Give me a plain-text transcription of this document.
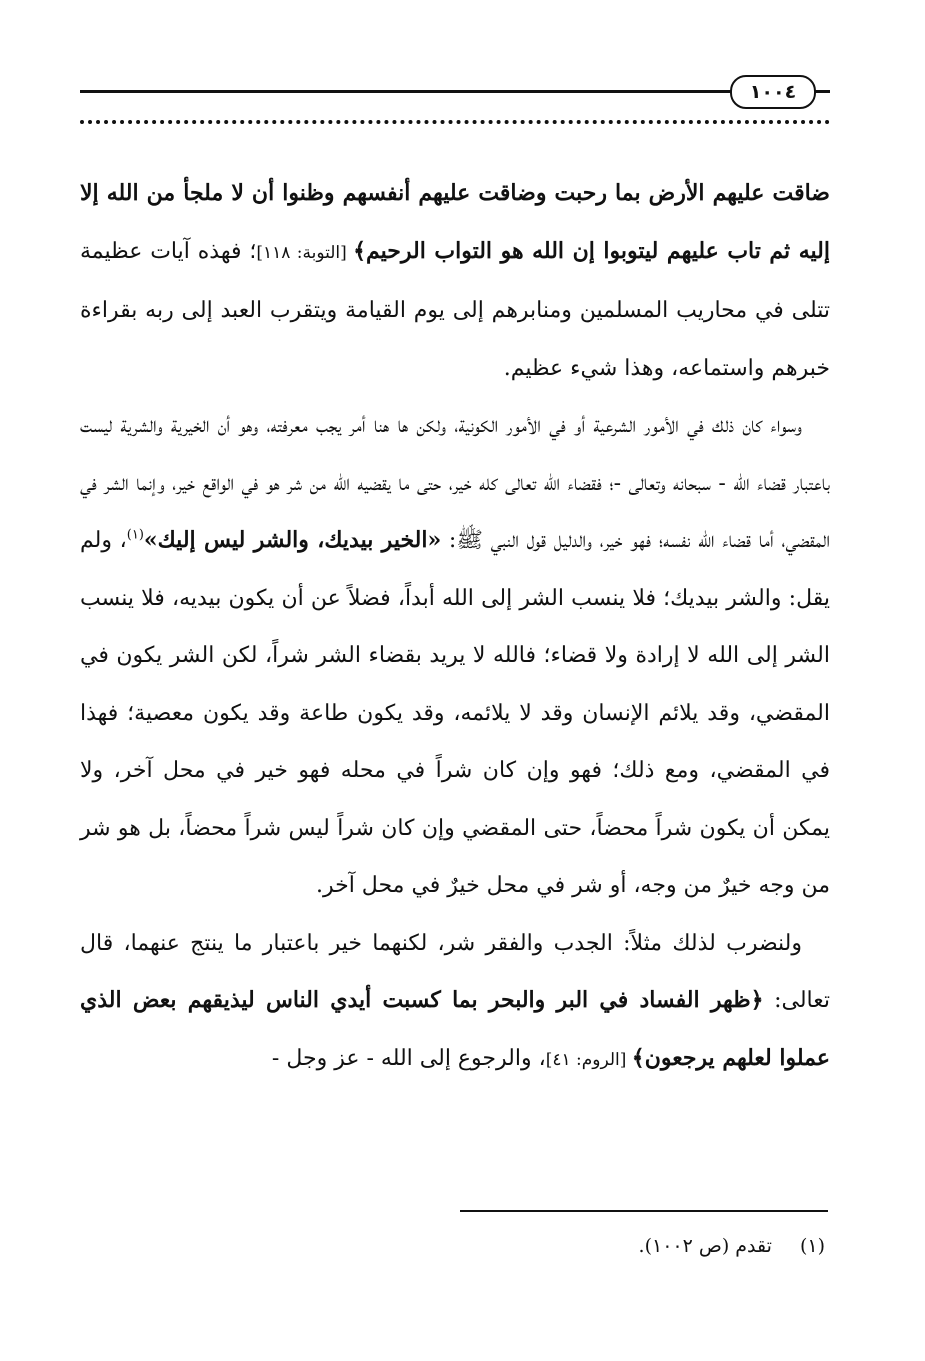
١٠٠٤

ضاقت عليهم الأرض بما رحبت وضاقت عليهم أنفسهم وظنوا أن لا ملجأ من الله إلا إليه ثم تاب عليهم ليتوبوا إن الله هو التواب الرحيم﴾ [التوبة: ١١٨]؛ فهذه آيات عظيمة تتلى في محاريب المسلمين ومنابرهم إلى يوم القيامة ويتقرب العبد إلى ربه بقراءة خبرهم واستماعه، وهذا شيء عظيم.

وسواء كان ذلك في الأمور الشرعية أو في الأمور الكونية، ولكن ها هنا أمر يجب معرفته، وهو أن الخيرية والشرية ليست باعتبار قضاء الله - سبحانه وتعالى -؛ فقضاء الله تعالى كله خير، حتى ما يقضيه الله من شر هو في الواقع خير، وإنما الشر في المقضي، أما قضاء الله نفسه؛ فهو خير، والدليل قول النبي ﷺ: «الخير بيديك، والشر ليس إليك»$^{(١)}$، ولم يقل: والشر بيديك؛ فلا ينسب الشر إلى الله أبداً، فضلاً عن أن يكون بيديه، فلا ينسب الشر إلى الله لا إرادة ولا قضاء؛ فالله لا يريد بقضاء الشر شراً، لكن الشر يكون في المقضي، وقد يلائم الإنسان وقد لا يلائمه، وقد يكون طاعة وقد يكون معصية؛ فهذا في المقضي، ومع ذلك؛ فهو وإن كان شراً في محله فهو خير في محل آخر، ولا يمكن أن يكون شراً محضاً، حتى المقضي وإن كان شراً ليس شراً محضاً، بل هو شر من وجه خيرٌ من وجه، أو شر في محل خيرٌ في محل آخر.

ولنضرب لذلك مثلاً: الجدب والفقر شر، لكنهما خير باعتبار ما ينتج عنهما، قال تعالى: ﴿ظهر الفساد في البر والبحر بما كسبت أيدي الناس ليذيقهم بعض الذي عملوا لعلهم يرجعون﴾ [الروم: ٤١]، والرجوع إلى الله - عز وجل -

(١)تقدم (ص ١٠٠٢).
